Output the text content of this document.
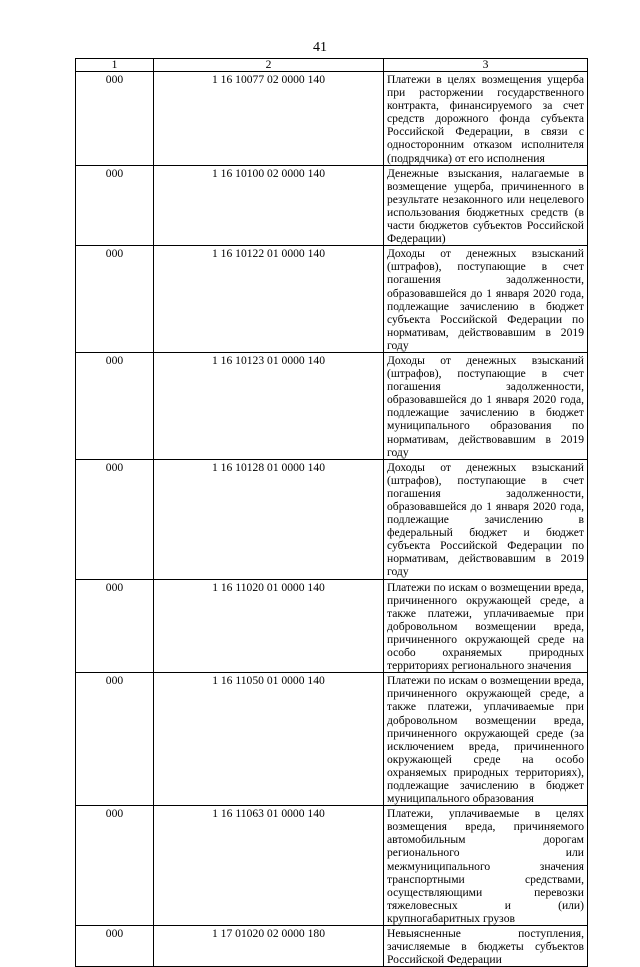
41
1	2	3
000	1 16 10077 02 0000 140	Платежи в целях возмещения ущерба при расторжении государственного контракта, финансируемого за счет средств дорожного фонда субъекта Российской Федерации, в связи с односторонним отказом исполнителя (подрядчика) от его исполнения
000	1 16 10100 02 0000 140	Денежные взыскания, налагаемые в возмещение ущерба, причиненного в результате незаконного или нецелевого использования бюджетных средств (в части бюджетов субъектов Российской Федерации)
000	1 16 10122 01 0000 140	Доходы от денежных взысканий (штрафов), поступающие в счет погашения задолженности, образовавшейся до 1 января 2020 года, подлежащие зачислению в бюджет субъекта Российской Федерации по нормативам, действовавшим в 2019 году
000	1 16 10123 01 0000 140	Доходы от денежных взысканий (штрафов), поступающие в счет погашения задолженности, образовавшейся до 1 января 2020 года, подлежащие зачислению в бюджет муниципального образования по нормативам, действовавшим в 2019 году
000	1 16 10128 01 0000 140	Доходы от денежных взысканий (штрафов), поступающие в счет погашения задолженности, образовавшейся до 1 января 2020 года, подлежащие зачислению в федеральный бюджет и бюджет субъекта Российской Федерации по нормативам, действовавшим в 2019 году
000	1 16 11020 01 0000 140	Платежи по искам о возмещении вреда, причиненного окружающей среде, а также платежи, уплачиваемые при добровольном возмещении вреда, причиненного окружающей среде на особо охраняемых природных территориях регионального значения
000	1 16 11050 01 0000 140	Платежи по искам о возмещении вреда, причиненного окружающей среде, а также платежи, уплачиваемые при добровольном возмещении вреда, причиненного окружающей среде (за исключением вреда, причиненного окружающей среде на особо охраняемых природных территориях), подлежащие зачислению в бюджет муниципального образования
000	1 16 11063 01 0000 140	Платежи, уплачиваемые в целях возмещения вреда, причиняемого автомобильным дорогам регионального или межмуниципального значения транспортными средствами, осуществляющими перевозки тяжеловесных и (или) крупногабаритных грузов
000	1 17 01020 02 0000 180	Невыясненные поступления, зачисляемые в бюджеты субъектов Российской Федерации
